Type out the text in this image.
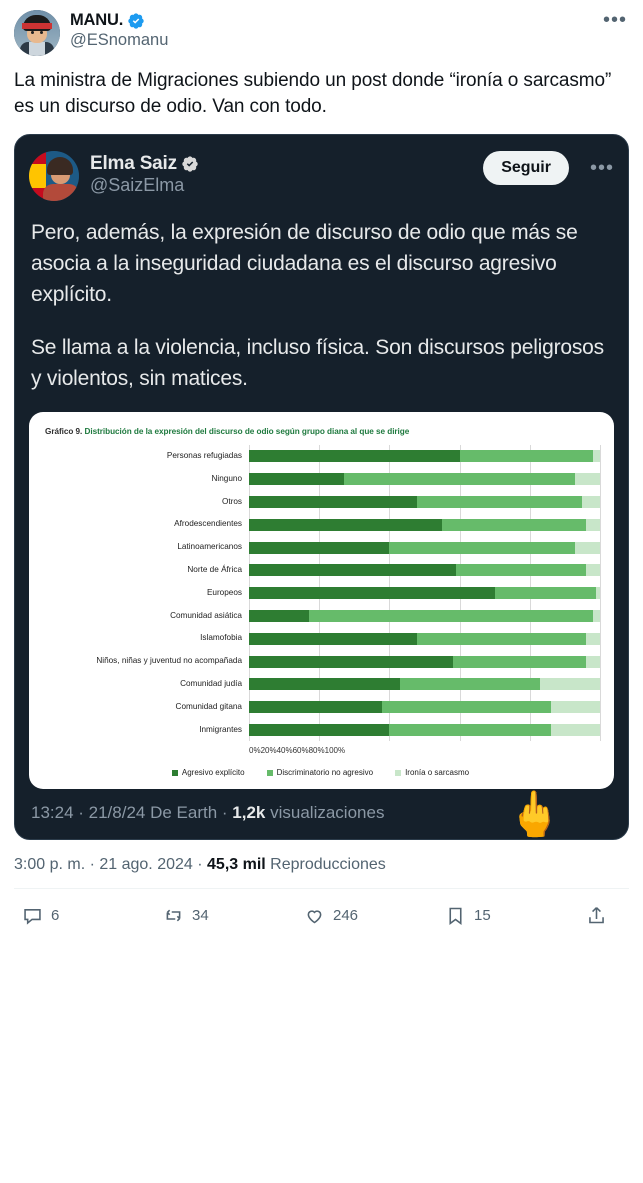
MANU.
@ESnomanu
•••
La ministra de Migraciones subiendo un post donde “ironía o sarcasmo” es un discurso de odio. Van con todo.
Elma Saiz
@SaizElma
Seguir	•••

Pero, además, la expresión de discurso de odio que más se asocia a la inseguridad ciudadana es el discurso agresivo explícito.

Se llama a la violencia, incluso física. Son discursos peligrosos y violentos, sin matices.

Gráfico 9. Distribución de la expresión del discurso de odio según grupo diana al que se dirige
Personas refugiadas
Ninguno
Otros
Afrodescendientes
Latinoamericanos
Norte de África
Europeos
Comunidad asiática
Islamofobia
Niños, niñas y juventud no acompañada
Comunidad judía
Comunidad gitana
Inmigrantes
0% 20% 40% 60% 80% 100%
Agresivo explícito	Discriminatorio no agresivo	Ironía o sarcasmo
🖕
13:24 · 21/8/24 De Earth · 1,2k visualizaciones
3:00 p. m. · 21 ago. 2024 · 45,3 mil Reproducciones
6	34	246	15
